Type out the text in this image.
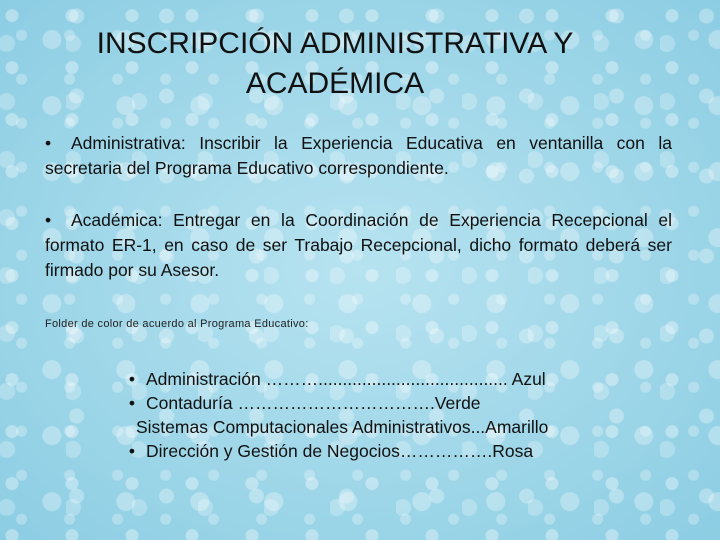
INSCRIPCIÓN ADMINISTRATIVA Y
ACADÉMICA
• Administrativa: Inscribir la Experiencia Educativa en ventanilla con la secretaria del Programa Educativo correspondiente.
• Académica: Entregar en la Coordinación de Experiencia Recepcional el formato ER-1, en caso de ser Trabajo Recepcional, dicho formato deberá ser firmado por su Asesor.
Folder de color de acuerdo al Programa Educativo:
• Administración ………....................................... Azul
• Contaduría …………………………….Verde
Sistemas Computacionales Administrativos...Amarillo
• Dirección y Gestión de Negocios…………….Rosa
